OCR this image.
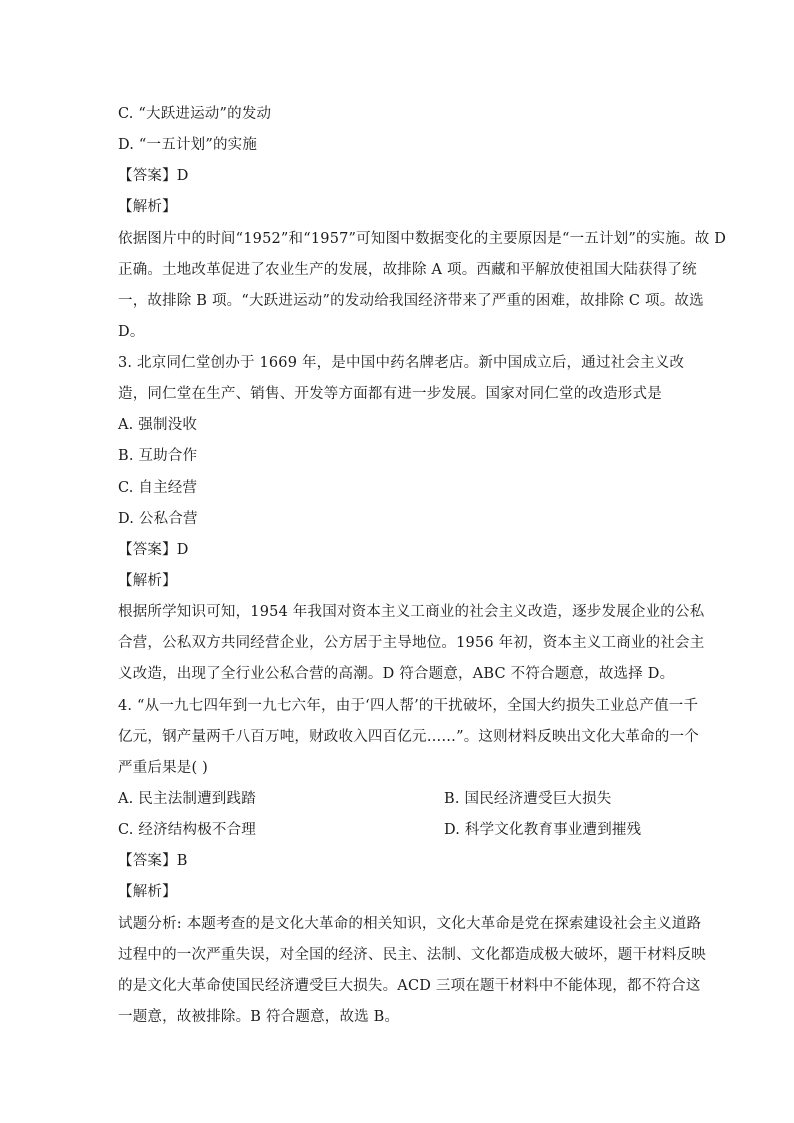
C. “大跃进运动”的发动
D. “一五计划”的实施
【答案】D
【解析】
依据图片中的时间“1952”和“1957”可知图中数据变化的主要原因是“一五计划”的实施。故 D
正确。土地改革促进了农业生产的发展，故排除 A 项。西藏和平解放使祖国大陆获得了统
一，故排除 B 项。“大跃进运动”的发动给我国经济带来了严重的困难，故排除 C 项。故选
D。
3. 北京同仁堂创办于 1669 年，是中国中药名牌老店。新中国成立后，通过社会主义改
造，同仁堂在生产、销售、开发等方面都有进一步发展。国家对同仁堂的改造形式是
A. 强制没收
B. 互助合作
C. 自主经营
D. 公私合营
【答案】D
【解析】
根据所学知识可知，1954 年我国对资本主义工商业的社会主义改造，逐步发展企业的公私
合营，公私双方共同经营企业，公方居于主导地位。1956 年初，资本主义工商业的社会主
义改造，出现了全行业公私合营的高潮。D 符合题意，ABC 不符合题意，故选择 D。
4. “从一九七四年到一九七六年，由于‘四人帮’的干扰破坏，全国大约损失工业总产值一千
亿元，钢产量两千八百万吨，财政收入四百亿元……”。这则材料反映出文化大革命的一个
严重后果是( )
A. 民主法制遭到践踏	B. 国民经济遭受巨大损失
C. 经济结构极不合理	D. 科学文化教育事业遭到摧残
【答案】B
【解析】
试题分析: 本题考查的是文化大革命的相关知识，文化大革命是党在探索建设社会主义道路
过程中的一次严重失误，对全国的经济、民主、法制、文化都造成极大破坏，题干材料反映
的是文化大革命使国民经济遭受巨大损失。ACD 三项在题干材料中不能体现，都不符合这
一题意，故被排除。B 符合题意，故选 B。
